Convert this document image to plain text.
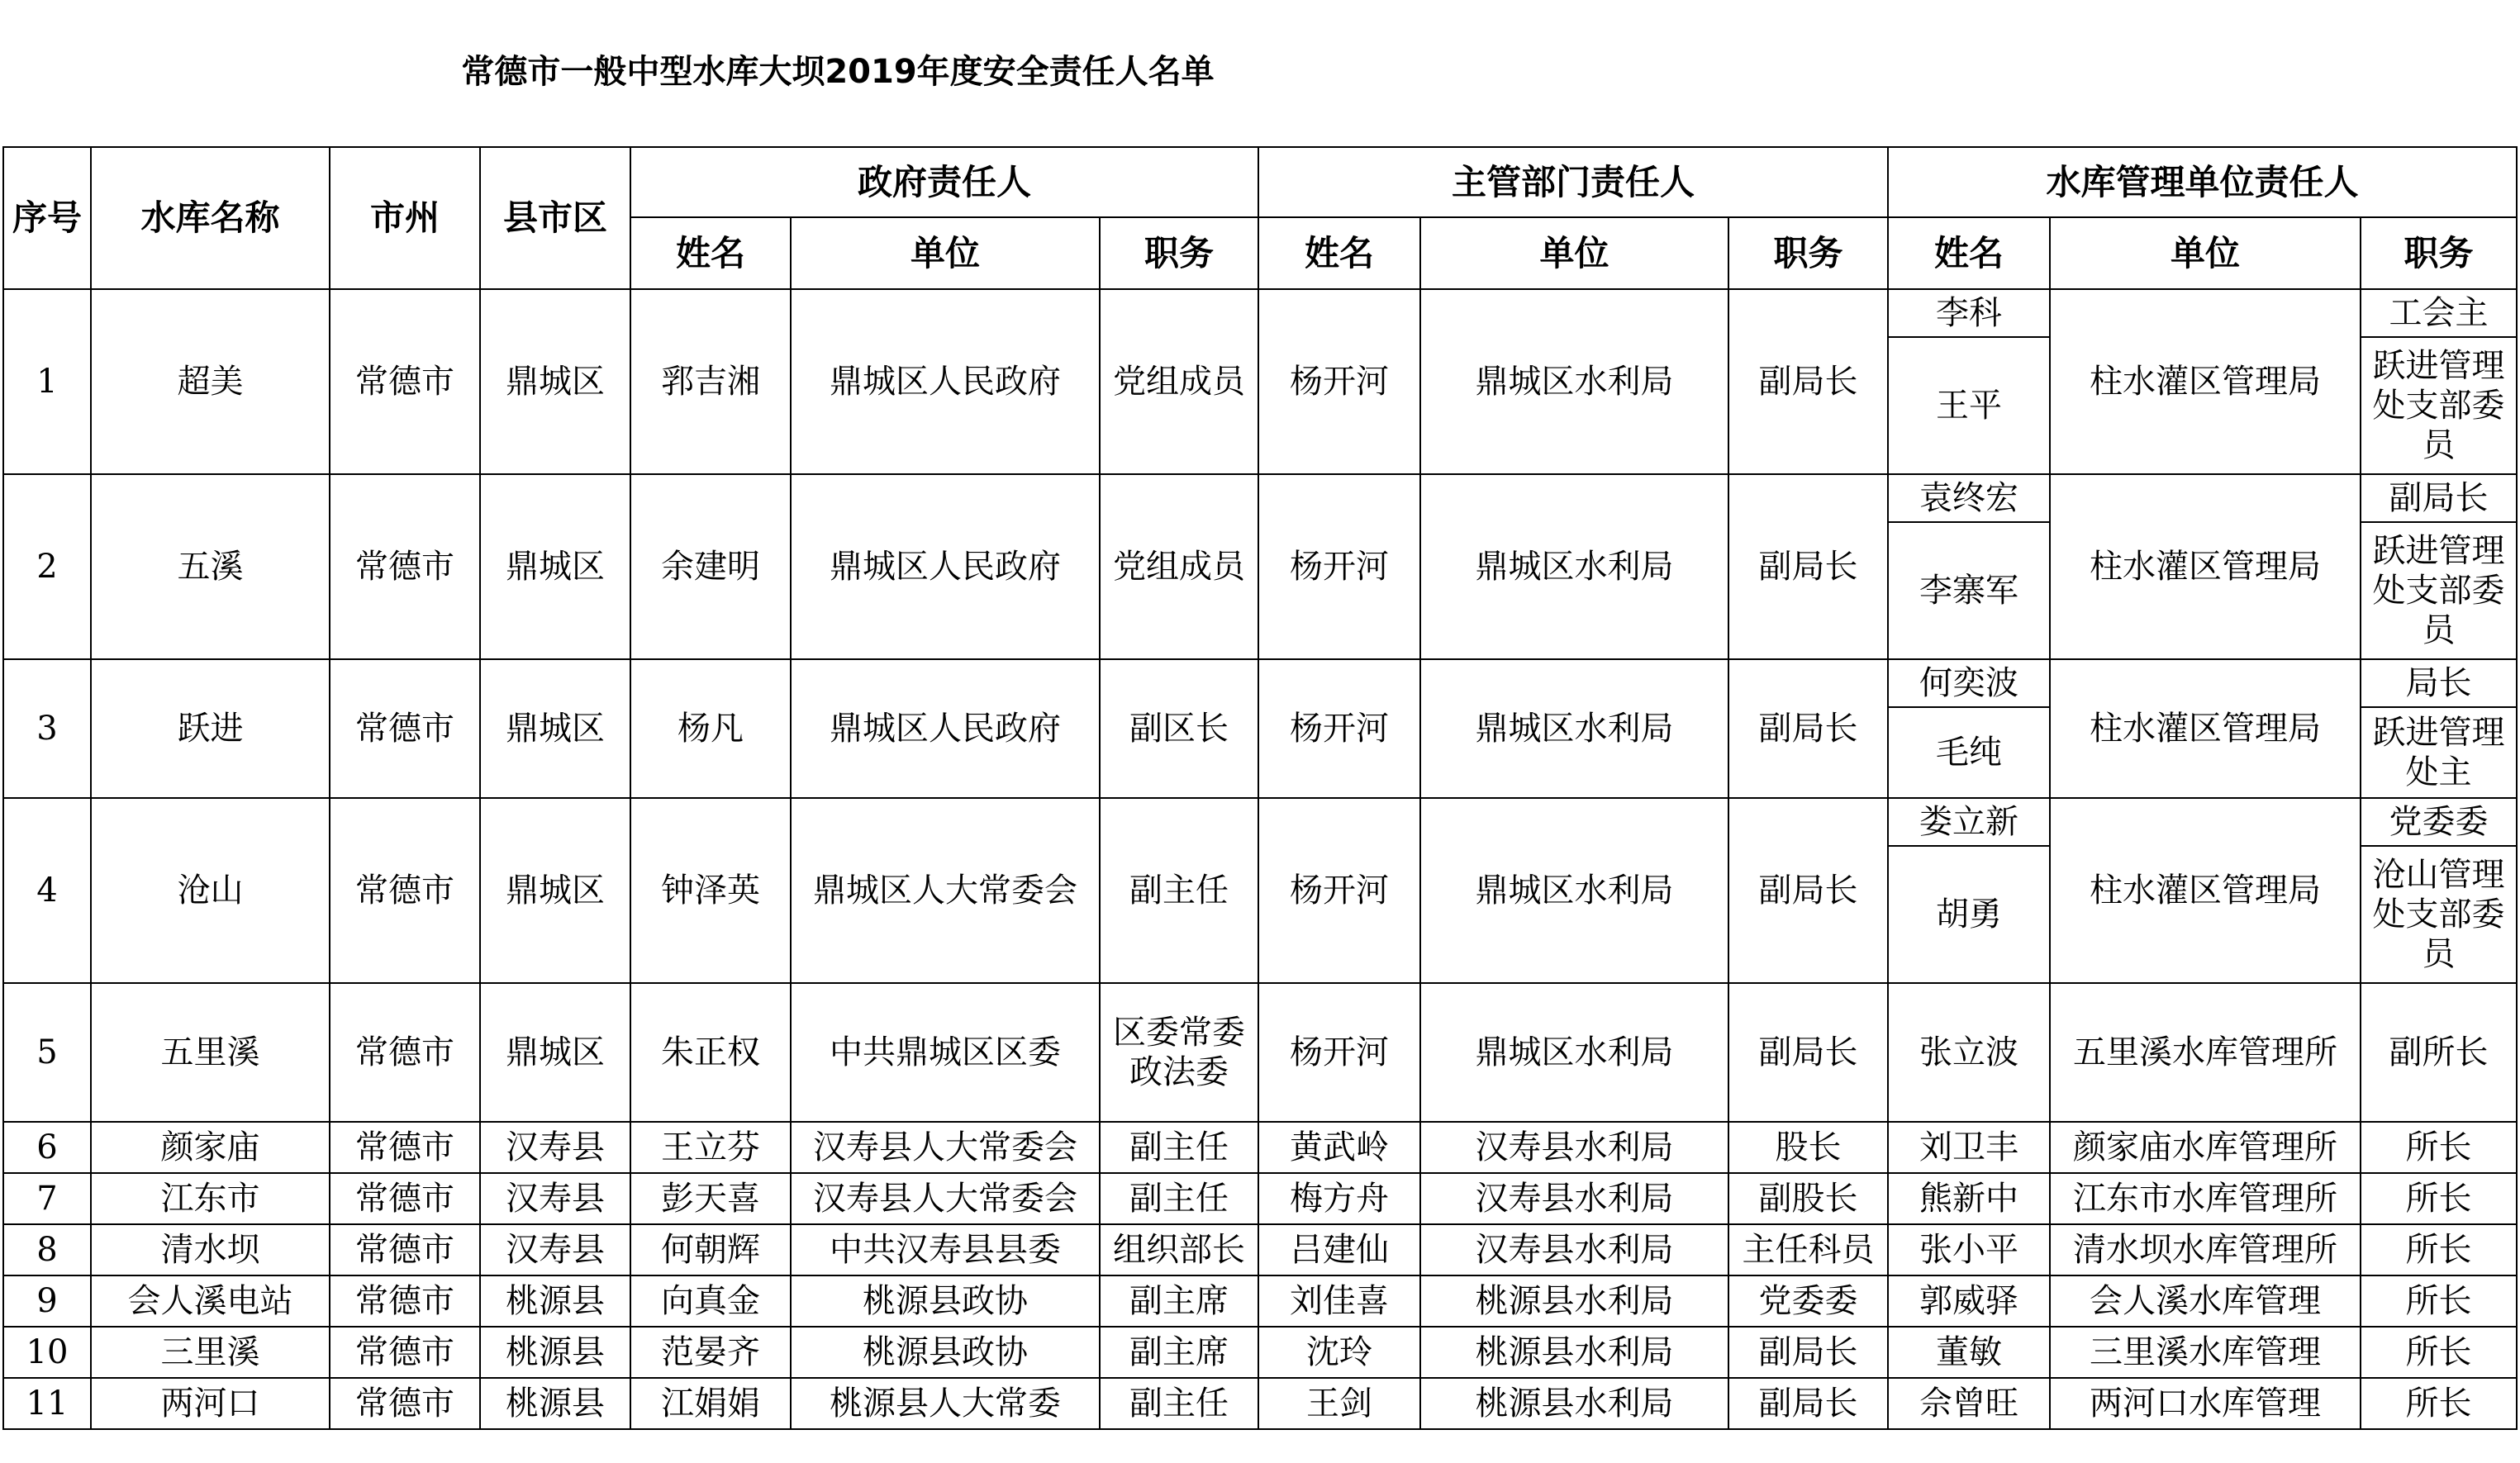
常德市一般中型水库大坝2019年度安全责任人名单
序号	水库名称	市州	县市区	政府责任人			主管部门责任人			水库管理单位责任人		
				姓名	单位	职务	姓名	单位	职务	姓名	单位	职务
1	超美	常德市	鼎城区	郛吉湘	鼎城区人民政府	党组成员	杨开河	鼎城区水利局	副局长	李科	柱水灌区管理局	工会主
										王平		跃进管理处支部委员
2	五溪	常德市	鼎城区	余建明	鼎城区人民政府	党组成员	杨开河	鼎城区水利局	副局长	袁终宏	柱水灌区管理局	副局长
										李寨军		跃进管理处支部委员
3	跃进	常德市	鼎城区	杨凡	鼎城区人民政府	副区长	杨开河	鼎城区水利局	副局长	何奕波	柱水灌区管理局	局长
										毛纯		跃进管理处主
4	沧山	常德市	鼎城区	钟泽英	鼎城区人大常委会	副主任	杨开河	鼎城区水利局	副局长	娄立新	柱水灌区管理局	党委委
										胡勇		沧山管理处支部委员
5	五里溪	常德市	鼎城区	朱正权	中共鼎城区区委	区委常委政法委	杨开河	鼎城区水利局	副局长	张立波	五里溪水库管理所	副所长
6	颜家庙	常德市	汉寿县	王立芬	汉寿县人大常委会	副主任	黄武岭	汉寿县水利局	股长	刘卫丰	颜家庙水库管理所	所长
7	江东市	常德市	汉寿县	彭天喜	汉寿县人大常委会	副主任	梅方舟	汉寿县水利局	副股长	熊新中	江东市水库管理所	所长
8	清水坝	常德市	汉寿县	何朝辉	中共汉寿县县委	组织部长	吕建仙	汉寿县水利局	主任科员	张小平	清水坝水库管理所	所长
9	会人溪电站	常德市	桃源县	向真金	桃源县政协	副主席	刘佳喜	桃源县水利局	党委委	郭威驿	会人溪水库管理	所长
10	三里溪	常德市	桃源县	范晏齐	桃源县政协	副主席	沈玲	桃源县水利局	副局长	董敏	三里溪水库管理	所长
11	两河口	常德市	桃源县	江娟娟	桃源县人大常委	副主任	王剑	桃源县水利局	副局长	佘曾旺	两河口水库管理	所长
